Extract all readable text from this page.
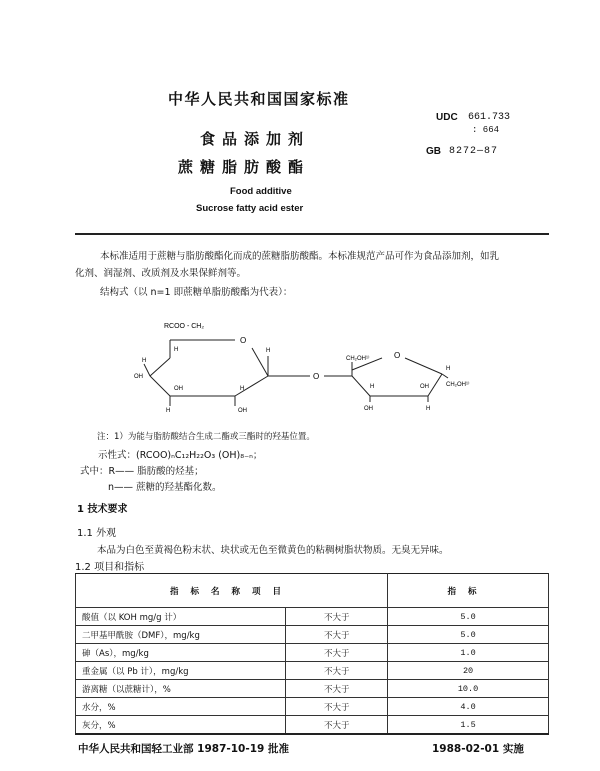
中华人民共和国国家标准
食品添加剂
蔗糖脂肪酸酯
Food additive
Sucrose fatty acid ester
UDC 661.733
: 664
GB 8272—87
本标准适用于蔗糖与脂肪酸酯化而成的蔗糖脂肪酸酯。本标准规范产品可作为食品添加剂，如乳
化剂、润湿剂、改质剂及水果保鲜剂等。
结构式（以 n=1 即蔗糖单脂肪酸酯为代表）：
RCOO - CH₂
O
H
H
OH
OH
H
H
OH
H
O
CH₂OH¹⁾	O
H
OH
OH
H
H
CH₂OH¹⁾
注：1）为能与脂肪酸结合生成二酯或三酯时的羟基位置。
示性式：(RCOO)ₙC₁₂H₂₂O₃ (OH)₈₋ₙ；
式中：R—— 脂肪酸的烃基；
n—— 蔗糖的羟基酯化数。
1 技术要求
1.1 外观
本品为白色至黄褐色粉末状、块状或无色至微黄色的粘稠树脂状物质。无臭无异味。
1.2 项目和指标
指标名称项目		指标
酸值（以 KOH mg/g 计）	不大于	5.0
二甲基甲酰胺（DMF），mg/kg	不大于	5.0
砷（As），mg/kg	不大于	1.0
重金属（以 Pb 计），mg/kg	不大于	20
游离糖（以蔗糖计），%	不大于	10.0
水分，%	不大于	4.0
灰分，%	不大于	1.5
中华人民共和国轻工业部 1987-10-19 批准	1988-02-01 实施
